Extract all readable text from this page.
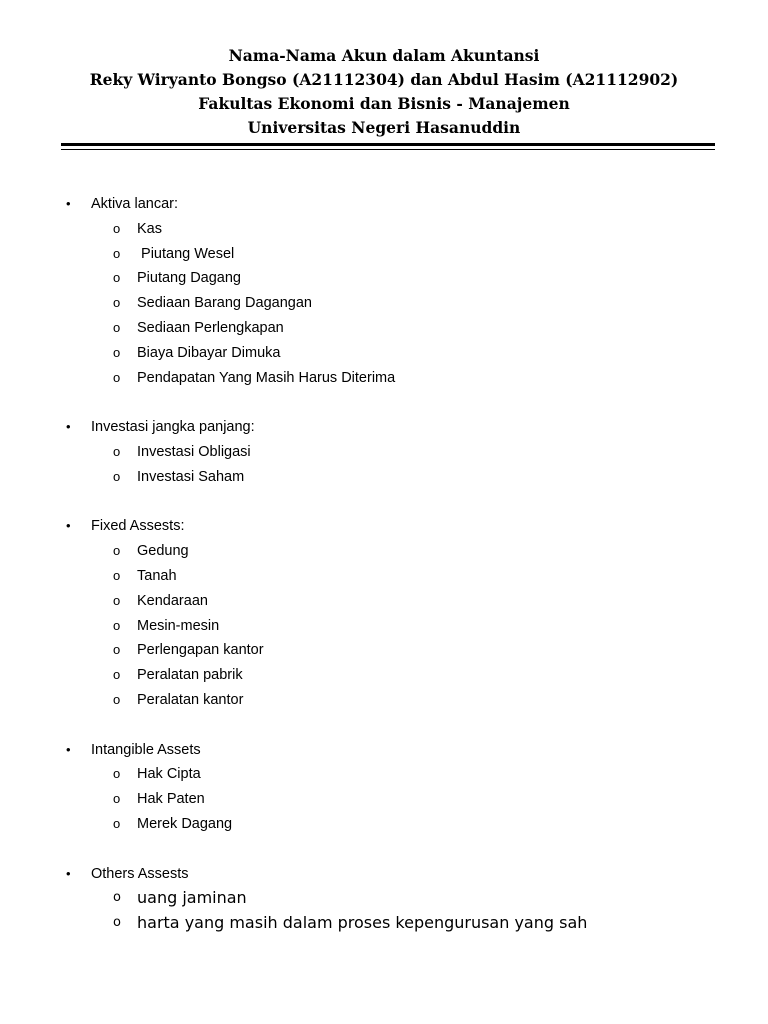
Nama-Nama Akun dalam Akuntansi
Reky Wiryanto Bongso (A21112304) dan Abdul Hasim (A21112902)
Fakultas Ekonomi dan Bisnis - Manajemen
Universitas Negeri Hasanuddin
• Aktiva lancar:
o Kas
o Piutang Wesel
o Piutang Dagang
o Sediaan Barang Dagangan
o Sediaan Perlengkapan
o Biaya Dibayar Dimuka
o Pendapatan Yang Masih Harus Diterima
• Investasi jangka panjang:
o Investasi Obligasi
o Investasi Saham
• Fixed Assests:
o Gedung
o Tanah
o Kendaraan
o Mesin-mesin
o Perlengapan kantor
o Peralatan pabrik
o Peralatan kantor
• Intangible Assets
o Hak Cipta
o Hak Paten
o Merek Dagang
• Others Assests
o uang jaminan
o harta yang masih dalam proses kepengurusan yang sah
